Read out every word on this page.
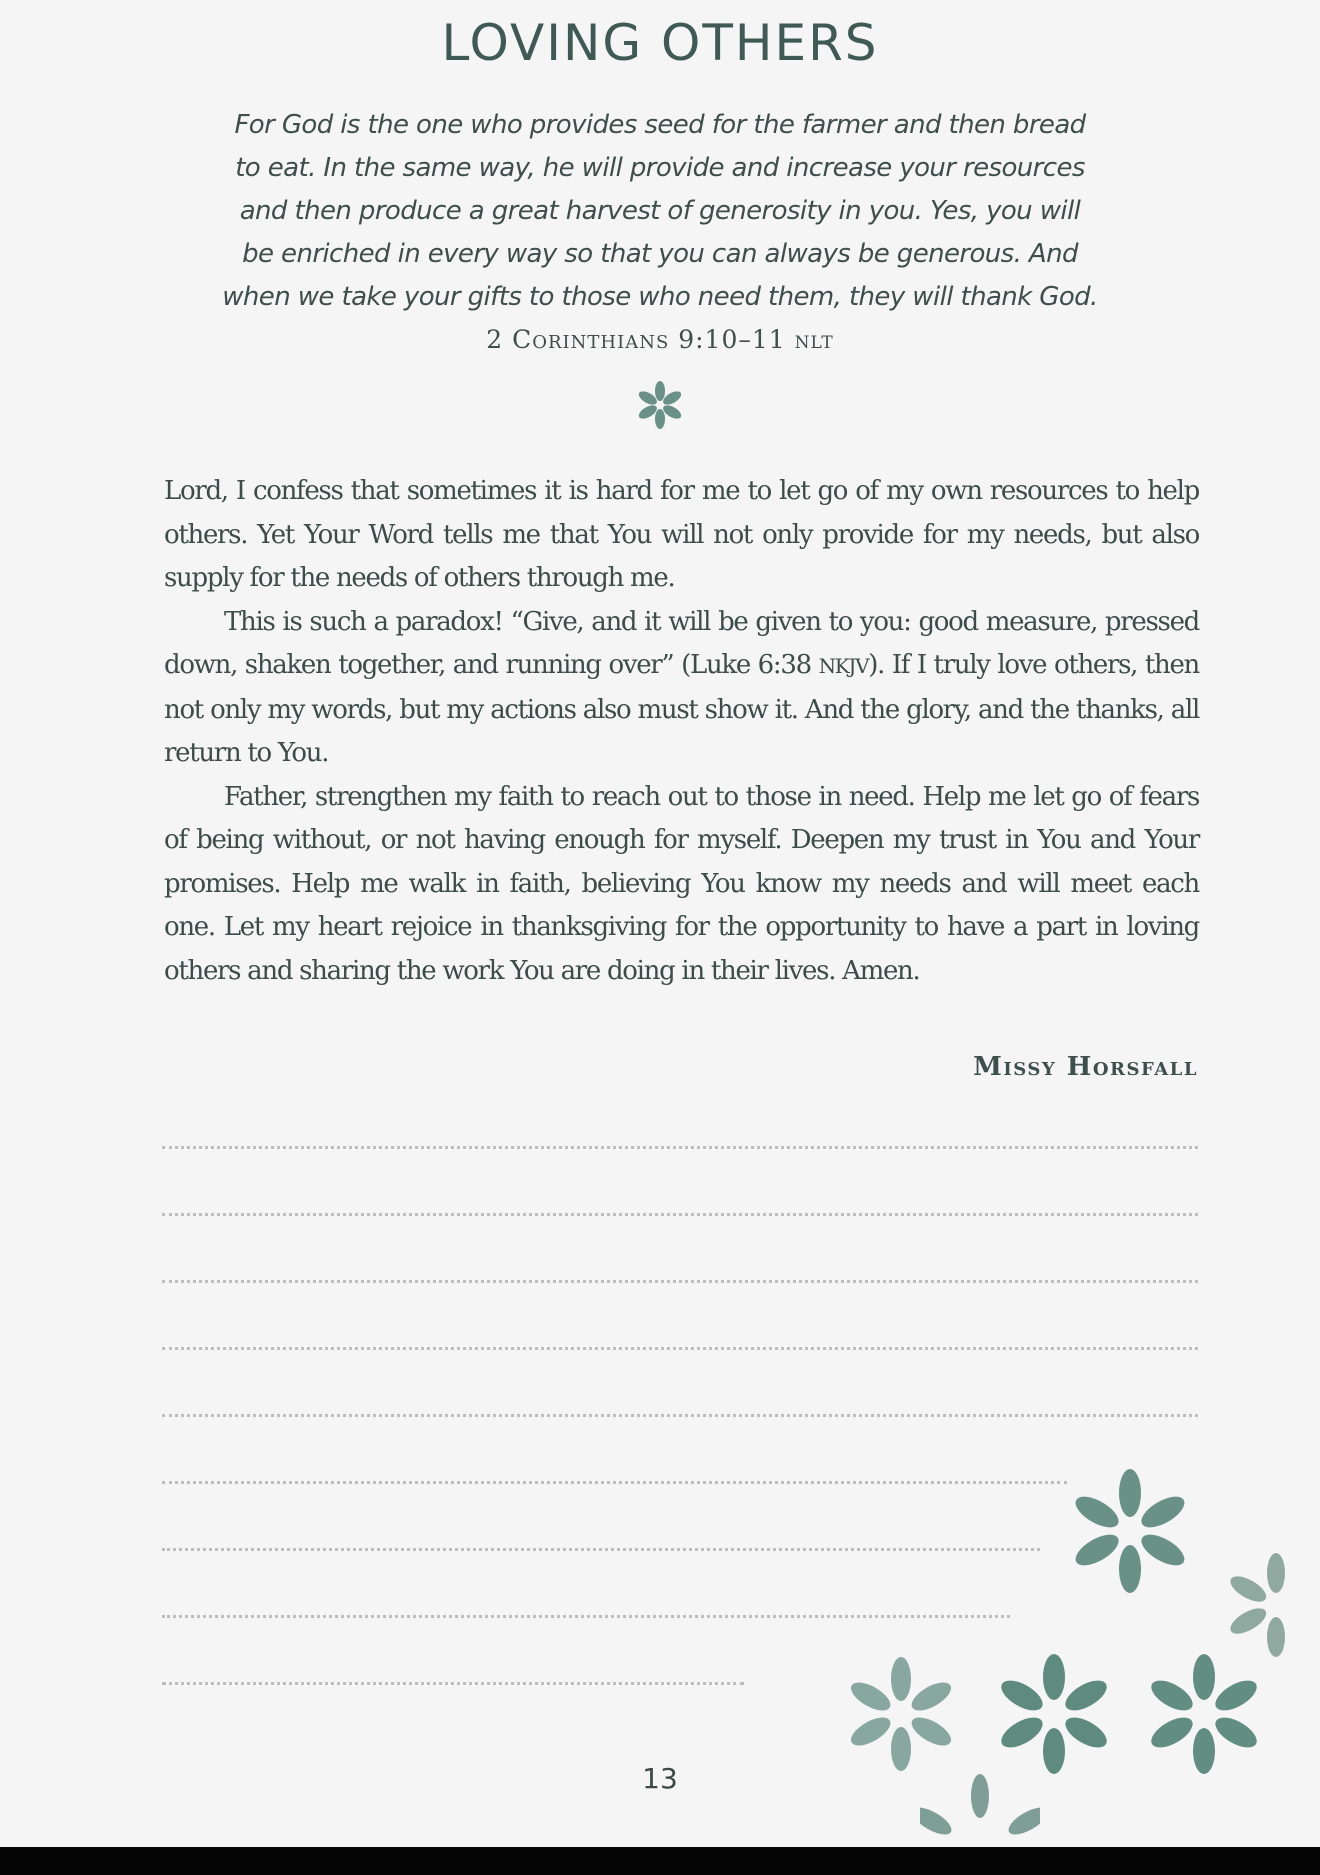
LOVING OTHERS
For God is the one who provides seed for the farmer and then bread
to eat. In the same way, he will provide and increase your resources
and then produce a great harvest of generosity in you. Yes, you will
be enriched in every way so that you can always be generous. And
when we take your gifts to those who need them, they will thank God.
2 Corinthians 9:10–11 NLT

Lord, I confess that sometimes it is hard for me to let go of my own resources to help others. Yet Your Word tells me that You will not only provide for my needs, but also supply for the needs of others through me.

This is such a paradox! “Give, and it will be given to you: good measure, pressed down, shaken together, and running over” (Luke 6:38 NKJV). If I truly love others, then not only my words, but my actions also must show it. And the glory, and the thanks, all return to You.

Father, strengthen my faith to reach out to those in need. Help me let go of fears of being without, or not having enough for myself. Deepen my trust in You and Your promises. Help me walk in faith, believing You know my needs and will meet each one. Let my heart rejoice in thanksgiving for the opportunity to have a part in loving others and sharing the work You are doing in their lives. Amen.

Missy Horsfall
13
